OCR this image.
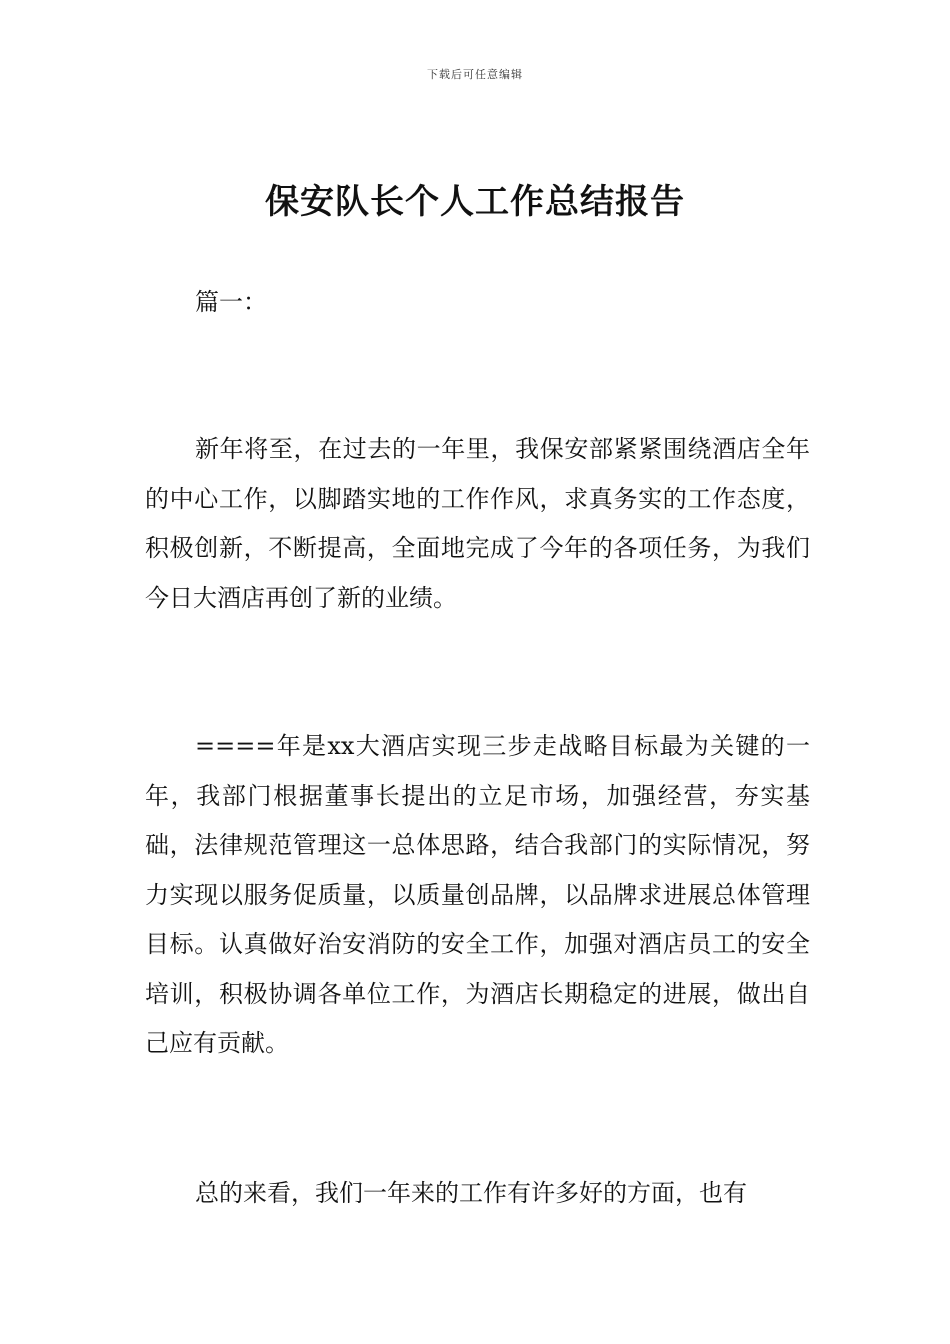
下载后可任意编辑
保安队长个人工作总结报告
篇一：

新年将至，在过去的一年里，我保安部紧紧围绕酒店全年的中心工作，以脚踏实地的工作作风，求真务实的工作态度，积极创新，不断提高，全面地完成了今年的各项任务，为我们今日大酒店再创了新的业绩。

====年是xx大酒店实现三步走战略目标最为关键的一年，我部门根据董事长提出的立足市场，加强经营，夯实基础，法律规范管理这一总体思路，结合我部门的实际情况，努力实现以服务促质量，以质量创品牌，以品牌求进展总体管理目标。认真做好治安消防的安全工作，加强对酒店员工的安全培训，积极协调各单位工作，为酒店长期稳定的进展，做出自己应有贡献。

总的来看，我们一年来的工作有许多好的方面，也有
